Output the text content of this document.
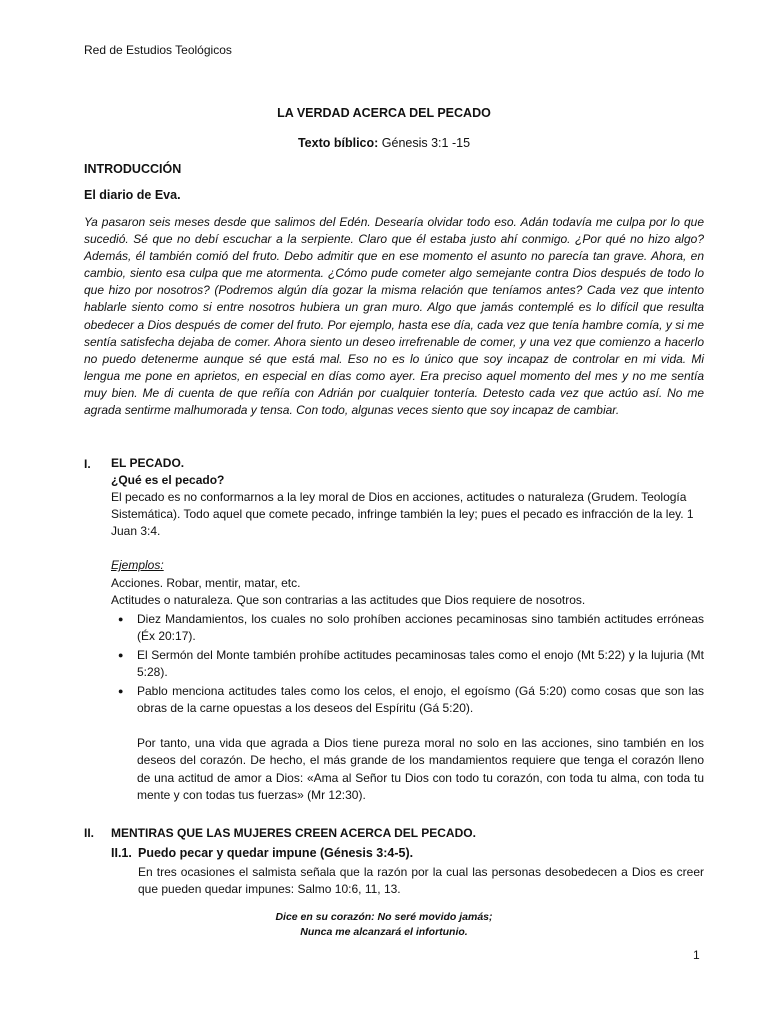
Red de Estudios Teológicos

LA VERDAD ACERCA DEL PECADO

Texto bíblico: Génesis 3:1 -15

INTRODUCCIÓN

El diario de Eva.

Ya pasaron seis meses desde que salimos del Edén. Desearía olvidar todo eso. Adán todavía me culpa por lo que sucedió. Sé que no debí escuchar a la serpiente. Claro que él estaba justo ahí conmigo. ¿Por qué no hizo algo? Además, él también comió del fruto. Debo admitir que en ese momento el asunto no parecía tan grave. Ahora, en cambio, siento esa culpa que me atormenta. ¿Cómo pude cometer algo semejante contra Dios después de todo lo que hizo por nosotros? (Podremos algún día gozar la misma relación que teníamos antes? Cada vez que intento hablarle siento como si entre nosotros hubiera un gran muro. Algo que jamás contemplé es lo difícil que resulta obedecer a Dios después de comer del fruto. Por ejemplo, hasta ese día, cada vez que tenía hambre comía, y si me sentía satisfecha dejaba de comer. Ahora siento un deseo irrefrenable de comer, y una vez que comienzo a hacerlo no puedo detenerme aunque sé que está mal. Eso no es lo único que soy incapaz de controlar en mi vida. Mi lengua me pone en aprietos, en especial en días como ayer. Era preciso aquel momento del mes y no me sentía muy bien. Me di cuenta de que reñía con Adrián por cualquier tontería. Detesto cada vez que actúo así. No me agrada sentirme malhumorada y tensa. Con todo, algunas veces siento que soy incapaz de cambiar.

I. EL PECADO.
¿Qué es el pecado?
El pecado es no conformarnos a la ley moral de Dios en acciones, actitudes o naturaleza (Grudem. Teología Sistemática). Todo aquel que comete pecado, infringe también la ley; pues el pecado es infracción de la ley. 1 Juan 3:4.
Ejemplos:
Acciones. Robar, mentir, matar, etc.
Actitudes o naturaleza. Que son contrarias a las actitudes que Dios requiere de nosotros.
● Diez Mandamientos, los cuales no solo prohíben acciones pecaminosas sino también actitudes erróneas (Éx 20:17).
● El Sermón del Monte también prohíbe actitudes pecaminosas tales como el enojo (Mt 5:22) y la lujuria (Mt 5:28).
● Pablo menciona actitudes tales como los celos, el enojo, el egoísmo (Gá 5:20) como cosas que son las obras de la carne opuestas a los deseos del Espíritu (Gá 5:20).
Por tanto, una vida que agrada a Dios tiene pureza moral no solo en las acciones, sino también en los deseos del corazón. De hecho, el más grande de los mandamientos requiere que tenga el corazón lleno de una actitud de amor a Dios: «Ama al Señor tu Dios con todo tu corazón, con toda tu alma, con toda tu mente y con todas tus fuerzas» (Mr 12:30).

II. MENTIRAS QUE LAS MUJERES CREEN ACERCA DEL PECADO.

II.1. Puedo pecar y quedar impune (Génesis 3:4-5).

En tres ocasiones el salmista señala que la razón por la cual las personas desobedecen a Dios es creer que pueden quedar impunes: Salmo 10:6, 11, 13.

Dice en su corazón: No seré movido jamás;
Nunca me alcanzará el infortunio.

1
